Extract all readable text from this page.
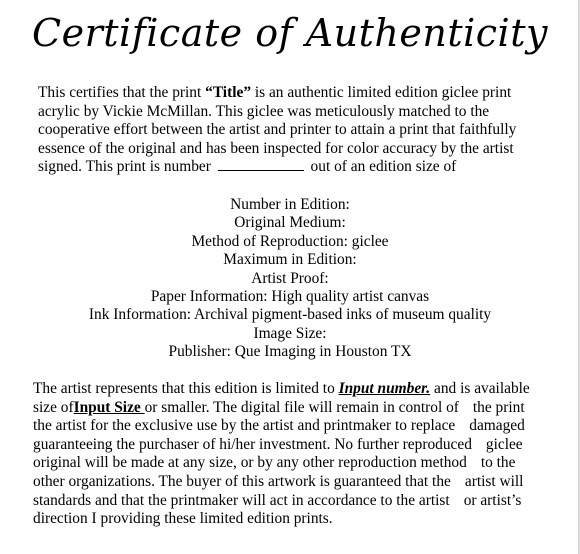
Certificate of Authenticity

This certifies that the print “Title” is an authentic limited edition giclee print
acrylic by Vickie McMillan. This giclee was meticulously matched to the
cooperative effort between the artist and printer to attain a print that faithfully
essence of the original and has been inspected for color accuracy by the artist
signed. This print is number	out of an edition size of

Number in Edition:
Original Medium:
Method of Reproduction: giclee
Maximum in Edition:
Artist Proof:
Paper Information: High quality artist canvas
Ink Information: Archival pigment-based inks of museum quality
Image Size:
Publisher: Que Imaging in Houston TX

The artist represents that this edition is limited to Input number. and is available
size ofInput Size or smaller. The digital file will remain in control of the print
the artist for the exclusive use by the artist and printmaker to replace damaged
guaranteeing the purchaser of hi/her investment. No further reproduced giclee
original will be made at any size, or by any other reproduction method to the
other organizations. The buyer of this artwork is guaranteed that the artist will
standards and that the printmaker will act in accordance to the artist or artist’s
direction I providing these limited edition prints.
